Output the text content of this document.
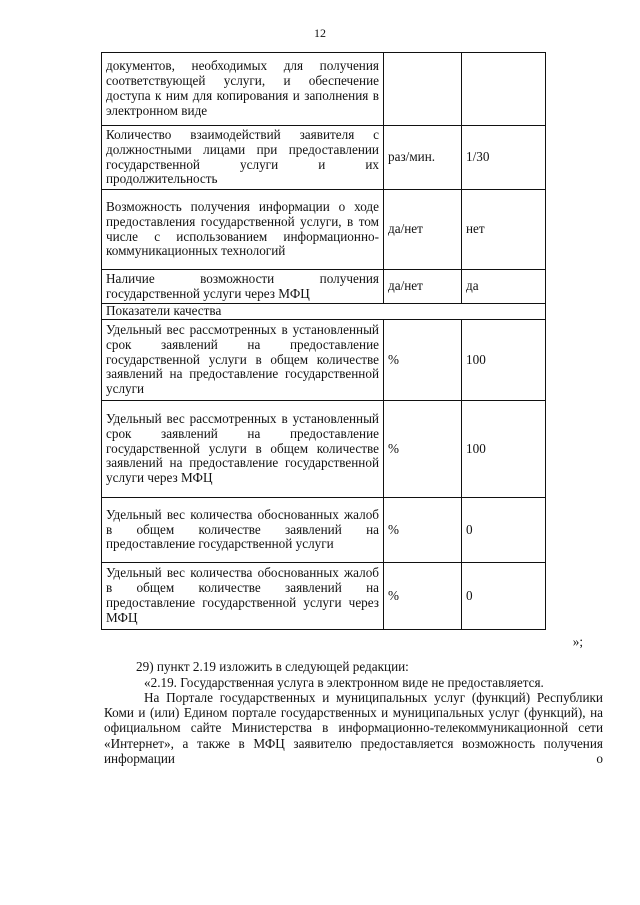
12
документов, необходимых для получения соответствующей услуги, и обеспечение доступа к ним для копирования и заполнения в электронном виде		
Количество взаимодействий заявителя с должностными лицами при предоставлении государственной услуги и их продолжительность	раз/мин.	1/30
Возможность получения информации о ходе предоставления государственной услуги, в том числе с использованием информационно-коммуникационных технологий	да/нет	нет
Наличие возможности получения государственной услуги через МФЦ	да/нет	да
Показатели качества		
Удельный вес рассмотренных в установленный срок заявлений на предоставление государственной услуги в общем количестве заявлений на предоставление государственной услуги	%	100
Удельный вес рассмотренных в установленный срок заявлений на предоставление государственной услуги в общем количестве заявлений на предоставление государственной услуги через МФЦ	%	100
Удельный вес количества обоснованных жалоб в общем количестве заявлений на предоставление государственной услуги	%	0
Удельный вес количества обоснованных жалоб в общем количестве заявлений на предоставление государственной услуги через МФЦ	%	0

»;

29) пункт 2.19 изложить в следующей редакции:

«2.19. Государственная услуга в электронном виде не предоставляется.

На Портале государственных и муниципальных услуг (функций) Республики Коми и (или) Едином портале государственных и муниципальных услуг (функций), на официальном сайте Министерства в информационно-телекоммуникационной сети «Интернет», а также в МФЦ заявителю предоставляется возможность получения информации о
